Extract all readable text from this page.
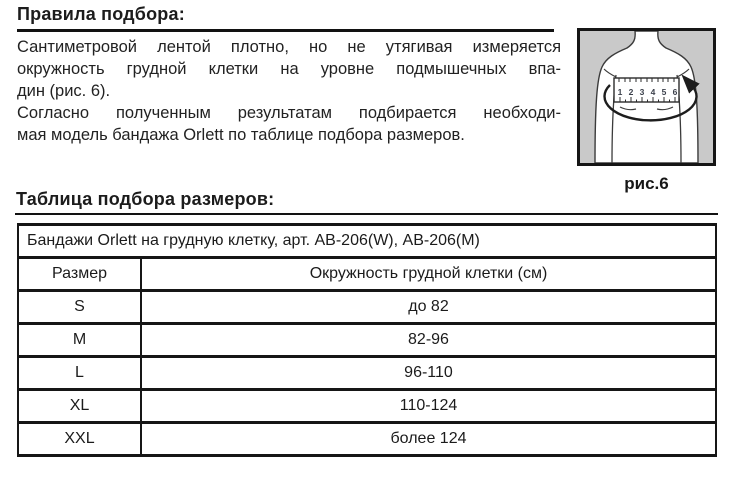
Правила подбора:
Сантиметровой лентой плотно, но не утягивая измеряется
окружность грудной клетки на уровне подмышечных впа-
дин (рис. 6).
Согласно полученным результатам подбирается необходи-
мая модель бандажа Orlett по таблице подбора размеров.
1 2 3 4 5 6
рис.6
Таблица подбора размеров:
Бандажи Orlett на грудную клетку, арт. АВ-206(W), АВ-206(М)	
Размер	Окружность грудной клетки (см)
S	до 82
M	82-96
L	96-110
XL	110-124
XXL	более 124
